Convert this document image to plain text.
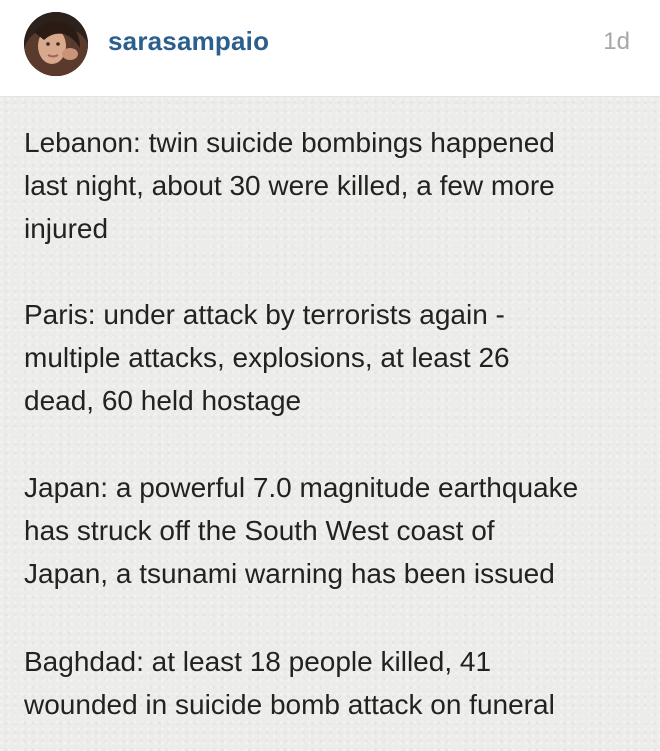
sarasampaio	1d

Lebanon: twin suicide bombings happened
last night, about 30 were killed, a few more
injured

Paris: under attack by terrorists again -
multiple attacks, explosions, at least 26
dead, 60 held hostage

Japan: a powerful 7.0 magnitude earthquake
has struck off the South West coast of
Japan, a tsunami warning has been issued

Baghdad: at least 18 people killed, 41
wounded in suicide bomb attack on funeral
